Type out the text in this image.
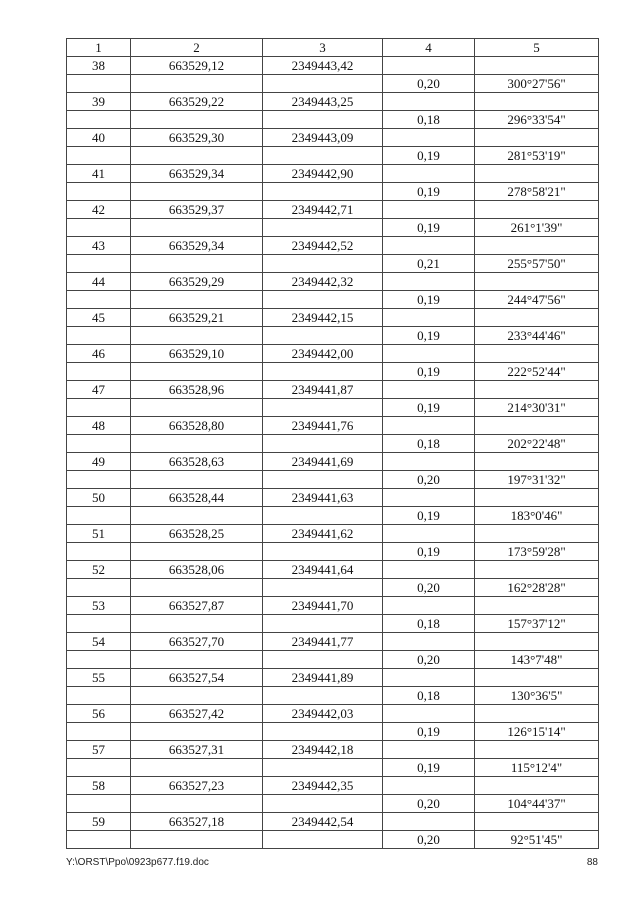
1	2	3	4	5
38	663529,12	2349443,42		
			0,20	300°27'56"
39	663529,22	2349443,25		
			0,18	296°33'54"
40	663529,30	2349443,09		
			0,19	281°53'19"
41	663529,34	2349442,90		
			0,19	278°58'21"
42	663529,37	2349442,71		
			0,19	261°1'39"
43	663529,34	2349442,52		
			0,21	255°57'50"
44	663529,29	2349442,32		
			0,19	244°47'56"
45	663529,21	2349442,15		
			0,19	233°44'46"
46	663529,10	2349442,00		
			0,19	222°52'44"
47	663528,96	2349441,87		
			0,19	214°30'31"
48	663528,80	2349441,76		
			0,18	202°22'48"
49	663528,63	2349441,69		
			0,20	197°31'32"
50	663528,44	2349441,63		
			0,19	183°0'46"
51	663528,25	2349441,62		
			0,19	173°59'28"
52	663528,06	2349441,64		
			0,20	162°28'28"
53	663527,87	2349441,70		
			0,18	157°37'12"
54	663527,70	2349441,77		
			0,20	143°7'48"
55	663527,54	2349441,89		
			0,18	130°36'5"
56	663527,42	2349442,03		
			0,19	126°15'14"
57	663527,31	2349442,18		
			0,19	115°12'4"
58	663527,23	2349442,35		
			0,20	104°44'37"
59	663527,18	2349442,54		
			0,20	92°51'45"
Y:\ORST\Ppo\0923p677.f19.doc	88
